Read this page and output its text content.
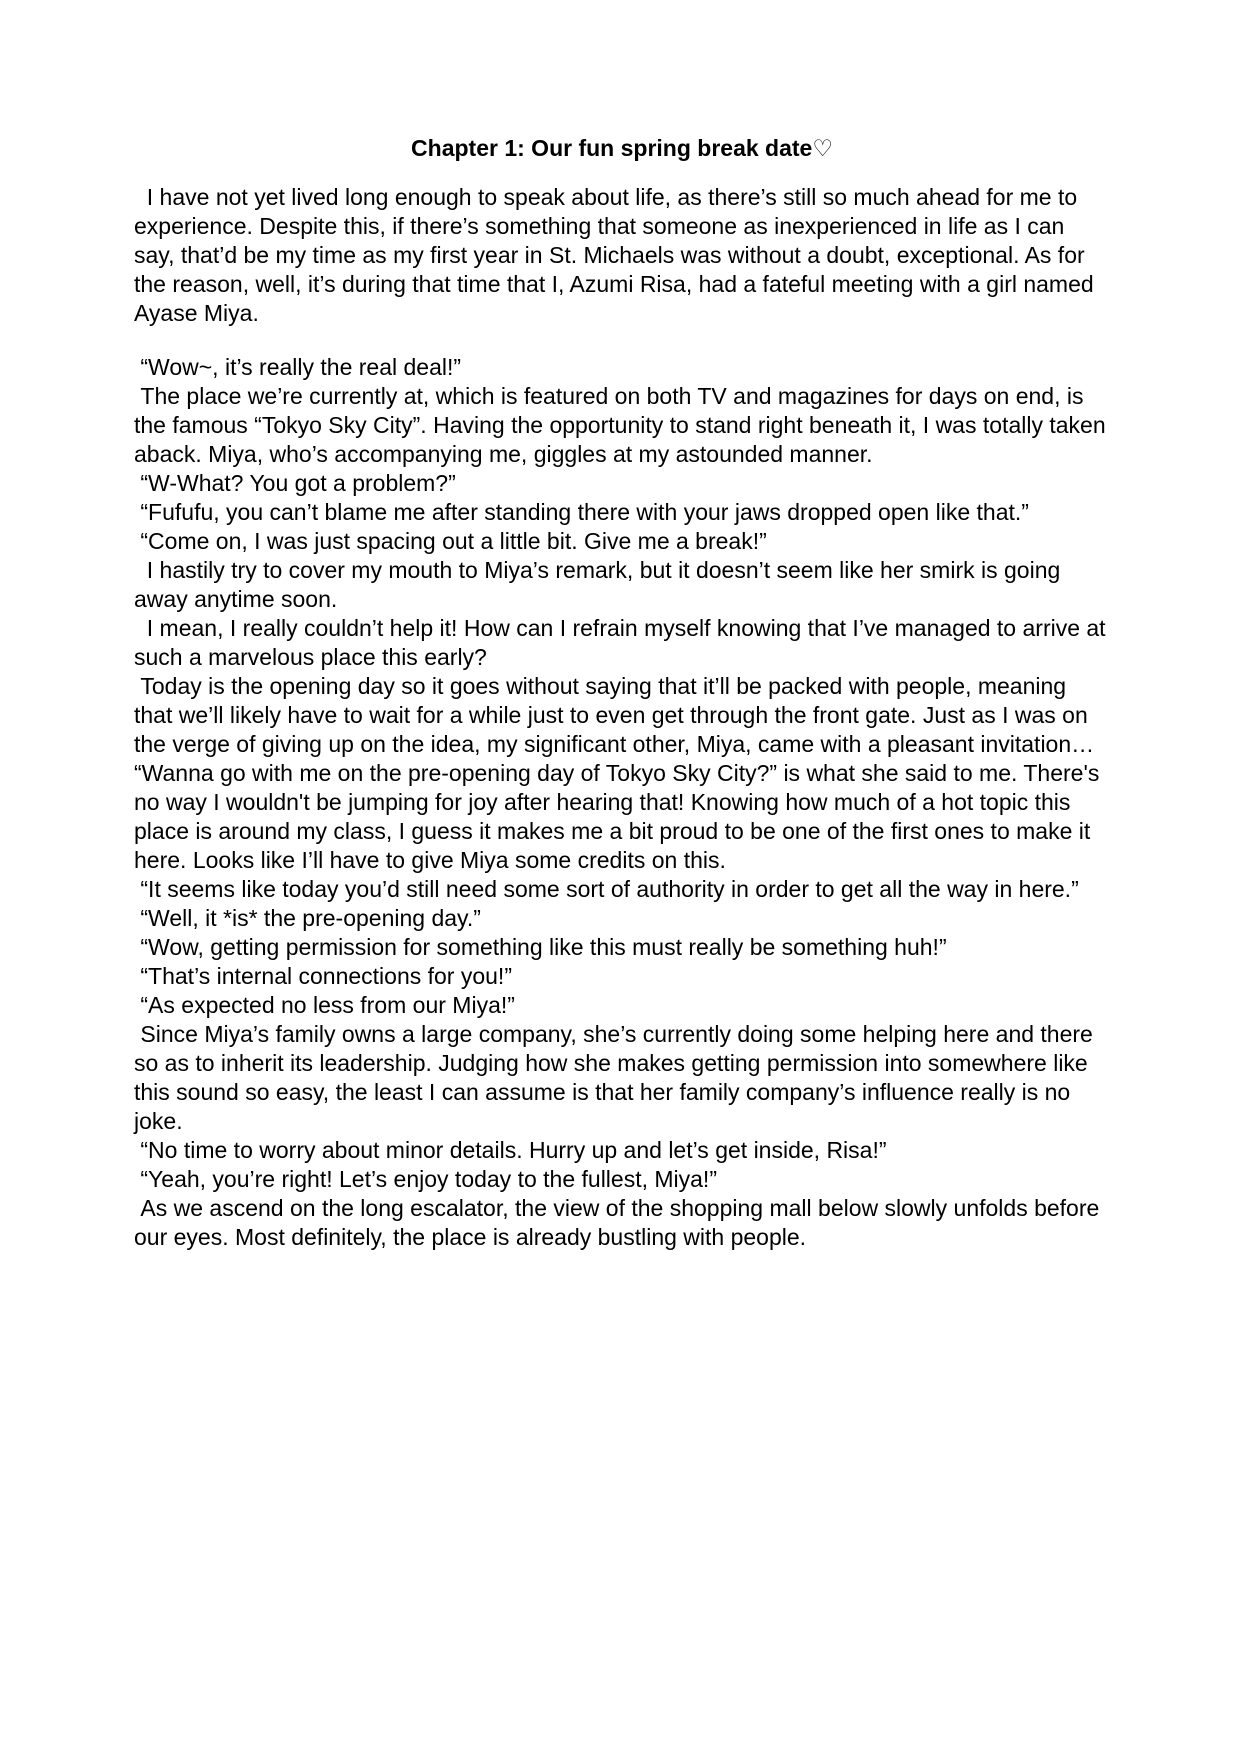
Chapter 1: Our fun spring break date♡

I have not yet lived long enough to speak about life, as there’s still so much ahead for me to experience. Despite this, if there’s something that someone as inexperienced in life as I can say, that’d be my time as my first year in St. Michaels was without a doubt, exceptional. As for the reason, well, it’s during that time that I, Azumi Risa, had a fateful meeting with a girl named Ayase Miya.

“Wow~, it’s really the real deal!”

The place we’re currently at, which is featured on both TV and magazines for days on end, is the famous “Tokyo Sky City”. Having the opportunity to stand right beneath it, I was totally taken aback. Miya, who’s accompanying me, giggles at my astounded manner.

“W-What? You got a problem?”

“Fufufu, you can’t blame me after standing there with your jaws dropped open like that.”

“Come on, I was just spacing out a little bit. Give me a break!”

I hastily try to cover my mouth to Miya’s remark, but it doesn’t seem like her smirk is going away anytime soon.

I mean, I really couldn’t help it! How can I refrain myself knowing that I’ve managed to arrive at such a marvelous place this early?

Today is the opening day so it goes without saying that it’ll be packed with people, meaning that we’ll likely have to wait for a while just to even get through the front gate. Just as I was on the verge of giving up on the idea, my significant other, Miya, came with a pleasant invitation… “Wanna go with me on the pre-opening day of Tokyo Sky City?” is what she said to me. There's no way I wouldn't be jumping for joy after hearing that! Knowing how much of a hot topic this place is around my class, I guess it makes me a bit proud to be one of the first ones to make it here. Looks like I’ll have to give Miya some credits on this.

“It seems like today you’d still need some sort of authority in order to get all the way in here.”

“Well, it *is* the pre-opening day.”

“Wow, getting permission for something like this must really be something huh!”

“That’s internal connections for you!”

“As expected no less from our Miya!”

Since Miya’s family owns a large company, she’s currently doing some helping here and there so as to inherit its leadership. Judging how she makes getting permission into somewhere like this sound so easy, the least I can assume is that her family company’s influence really is no joke.

“No time to worry about minor details. Hurry up and let’s get inside, Risa!”

“Yeah, you’re right! Let’s enjoy today to the fullest, Miya!”

As we ascend on the long escalator, the view of the shopping mall below slowly unfolds before our eyes. Most definitely, the place is already bustling with people.
